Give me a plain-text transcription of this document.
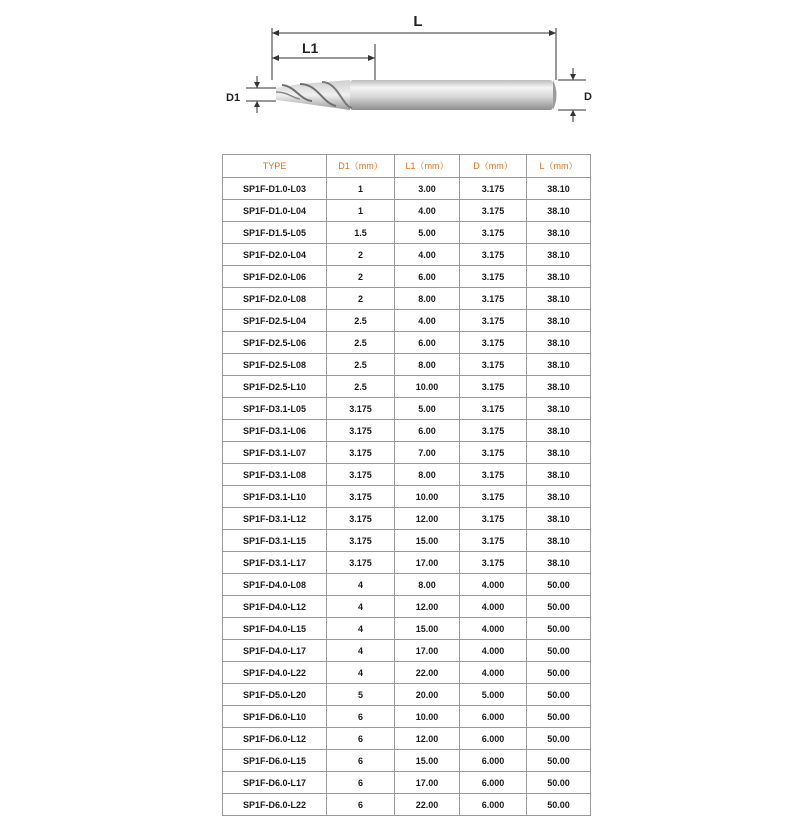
L
L1
D1	D
TYPE	D1（mm）	L1（mm）	D（mm）	L（mm）
SP1F-D1.0-L03	1	3.00	3.175	38.10
SP1F-D1.0-L04	1	4.00	3.175	38.10
SP1F-D1.5-L05	1.5	5.00	3.175	38.10
SP1F-D2.0-L04	2	4.00	3.175	38.10
SP1F-D2.0-L06	2	6.00	3.175	38.10
SP1F-D2.0-L08	2	8.00	3.175	38.10
SP1F-D2.5-L04	2.5	4.00	3.175	38.10
SP1F-D2.5-L06	2.5	6.00	3.175	38.10
SP1F-D2.5-L08	2.5	8.00	3.175	38.10
SP1F-D2.5-L10	2.5	10.00	3.175	38.10
SP1F-D3.1-L05	3.175	5.00	3.175	38.10
SP1F-D3.1-L06	3.175	6.00	3.175	38.10
SP1F-D3.1-L07	3.175	7.00	3.175	38.10
SP1F-D3.1-L08	3.175	8.00	3.175	38.10
SP1F-D3.1-L10	3.175	10.00	3.175	38.10
SP1F-D3.1-L12	3.175	12.00	3.175	38.10
SP1F-D3.1-L15	3.175	15.00	3.175	38.10
SP1F-D3.1-L17	3.175	17.00	3.175	38.10
SP1F-D4.0-L08	4	8.00	4.000	50.00
SP1F-D4.0-L12	4	12.00	4.000	50.00
SP1F-D4.0-L15	4	15.00	4.000	50.00
SP1F-D4.0-L17	4	17.00	4.000	50.00
SP1F-D4.0-L22	4	22.00	4.000	50.00
SP1F-D5.0-L20	5	20.00	5.000	50.00
SP1F-D6.0-L10	6	10.00	6.000	50.00
SP1F-D6.0-L12	6	12.00	6.000	50.00
SP1F-D6.0-L15	6	15.00	6.000	50.00
SP1F-D6.0-L17	6	17.00	6.000	50.00
SP1F-D6.0-L22	6	22.00	6.000	50.00
